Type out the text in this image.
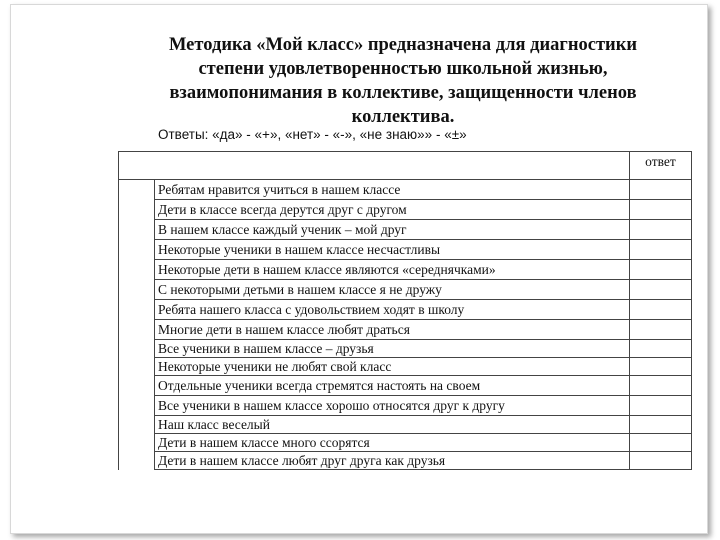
Методика «Мой класс» предназначена для диагностики
степени удовлетворенностью школьной жизнью,
взаимопонимания в коллективе, защищенности членов
коллектива.
Ответы: «да» - «+», «нет» - «-», «не знаю»» - «±»
		ответ
	Ребятам нравится учиться в нашем классе	
	Дети в классе всегда дерутся друг с другом	
	В нашем классе каждый ученик – мой друг	
	Некоторые ученики в нашем классе несчастливы	
	Некоторые дети в нашем классе являются «середнячками»	
	С некоторыми детьми в нашем классе я не дружу	
	Ребята нашего класса с удовольствием ходят в школу	
	Многие дети в нашем классе любят драться	
	Все ученики в нашем классе – друзья	
	Некоторые ученики не любят свой класс	
	Отдельные ученики всегда стремятся настоять на своем	
	Все ученики в нашем классе хорошо относятся друг к другу	
	Наш класс веселый	
	Дети в нашем классе много ссорятся	
	Дети в нашем классе любят друг друга как друзья	
